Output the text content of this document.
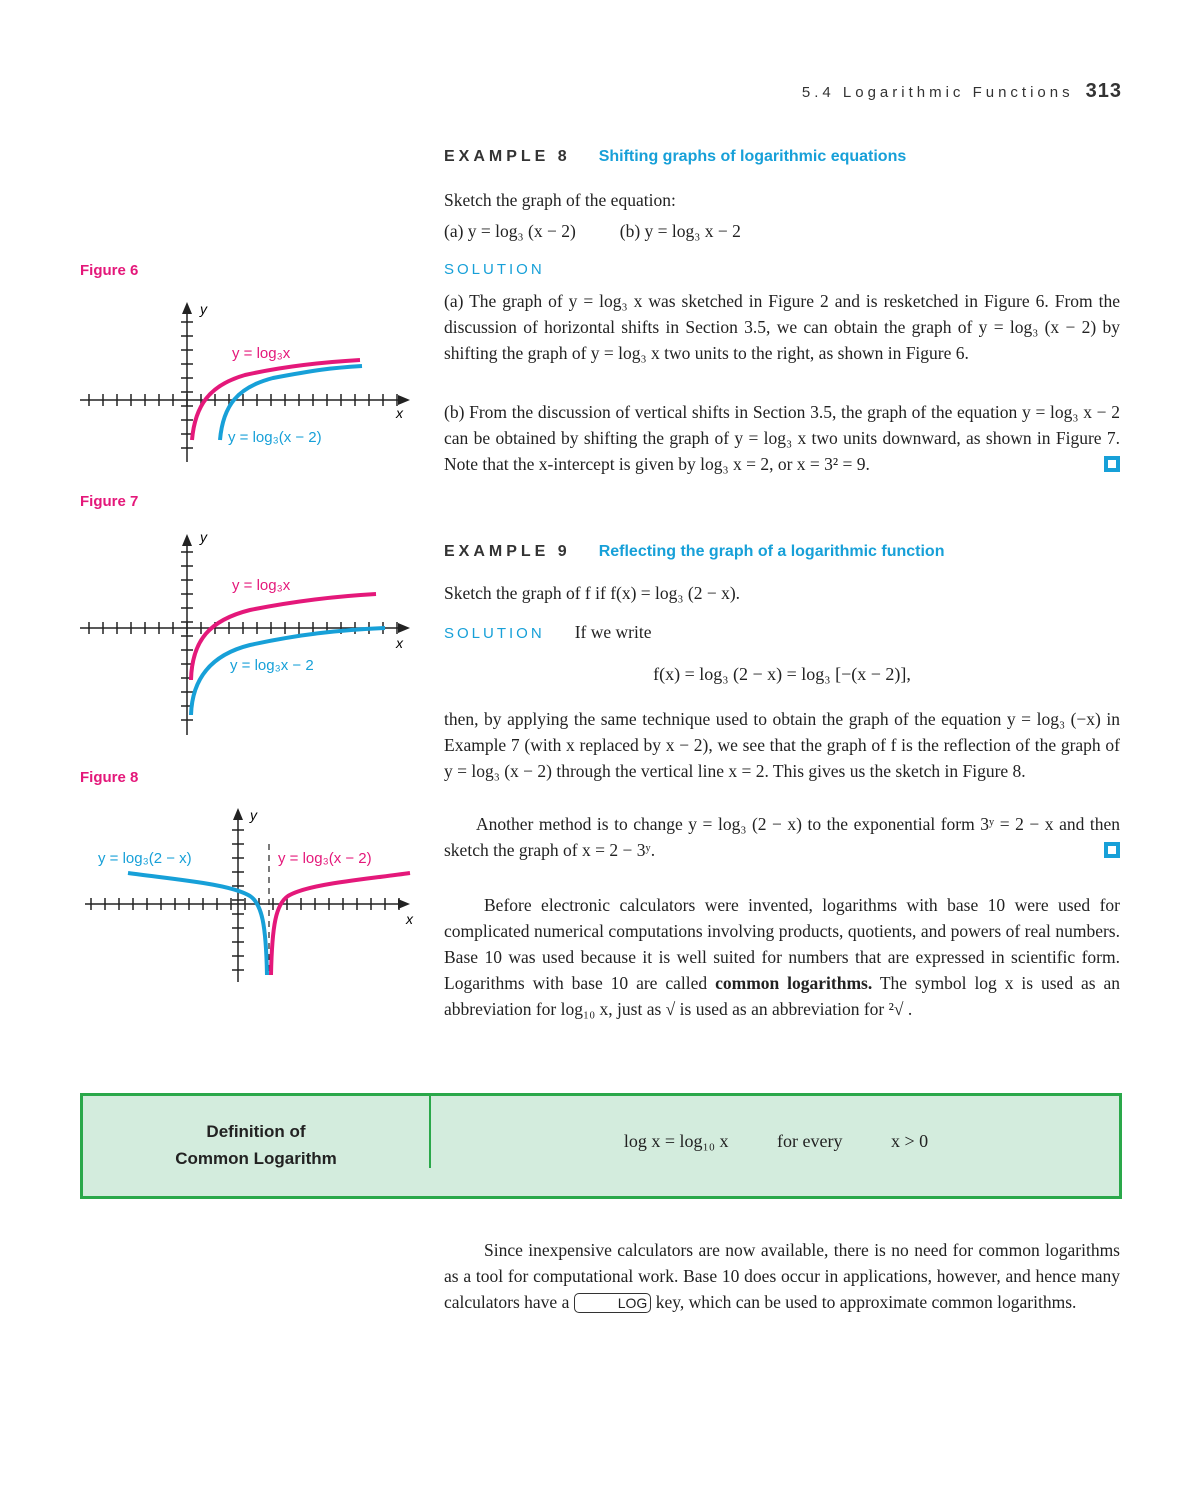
5.4 Logarithmic Functions 313
EXAMPLE 8 Shifting graphs of logarithmic equations
Sketch the graph of the equation:
(a) y = log₃ (x − 2)	(b) y = log₃ x − 2
SOLUTION
(a) The graph of y = log₃ x was sketched in Figure 2 and is resketched in Figure 6. From the discussion of horizontal shifts in Section 3.5, we can obtain the graph of y = log₃ (x − 2) by shifting the graph of y = log₃ x two units to the right, as shown in Figure 6.
(b) From the discussion of vertical shifts in Section 3.5, the graph of the equation y = log₃ x − 2 can be obtained by shifting the graph of y = log₃ x two units downward, as shown in Figure 7. Note that the x-intercept is given by log₃ x = 2, or x = 3² = 9.
EXAMPLE 9 Reflecting the graph of a logarithmic function
Sketch the graph of f if f(x) = log₃ (2 − x).
SOLUTION If we write
f(x) = log₃ (2 − x) = log₃ [−(x − 2)],
then, by applying the same technique used to obtain the graph of the equation y = log₃ (−x) in Example 7 (with x replaced by x − 2), we see that the graph of f is the reflection of the graph of y = log₃ (x − 2) through the vertical line x = 2. This gives us the sketch in Figure 8.
Another method is to change y = log₃ (2 − x) to the exponential form 3ʸ = 2 − x and then sketch the graph of x = 2 − 3ʸ.
Before electronic calculators were invented, logarithms with base 10 were used for complicated numerical computations involving products, quotients, and powers of real numbers. Base 10 was used because it is well suited for numbers that are expressed in scientific form. Logarithms with base 10 are called common logarithms. The symbol log x is used as an abbreviation for log₁₀ x, just as √ is used as an abbreviation for ²√ .
Definition of
Common Logarithm
log x = log₁₀ x	for every	x > 0
Since inexpensive calculators are now available, there is no need for common logarithms as a tool for computational work. Base 10 does occur in applications, however, and hence many calculators have a	LOG key, which can be used to approximate common logarithms.
Figure 6
Figure 7
Figure 8
y = log₃x
y = log₃(x − 2)
y
x
y = log₃x
y = log₃x − 2
y
x
y = log₃(2 − x)	y = log₃(x − 2)
y
x
